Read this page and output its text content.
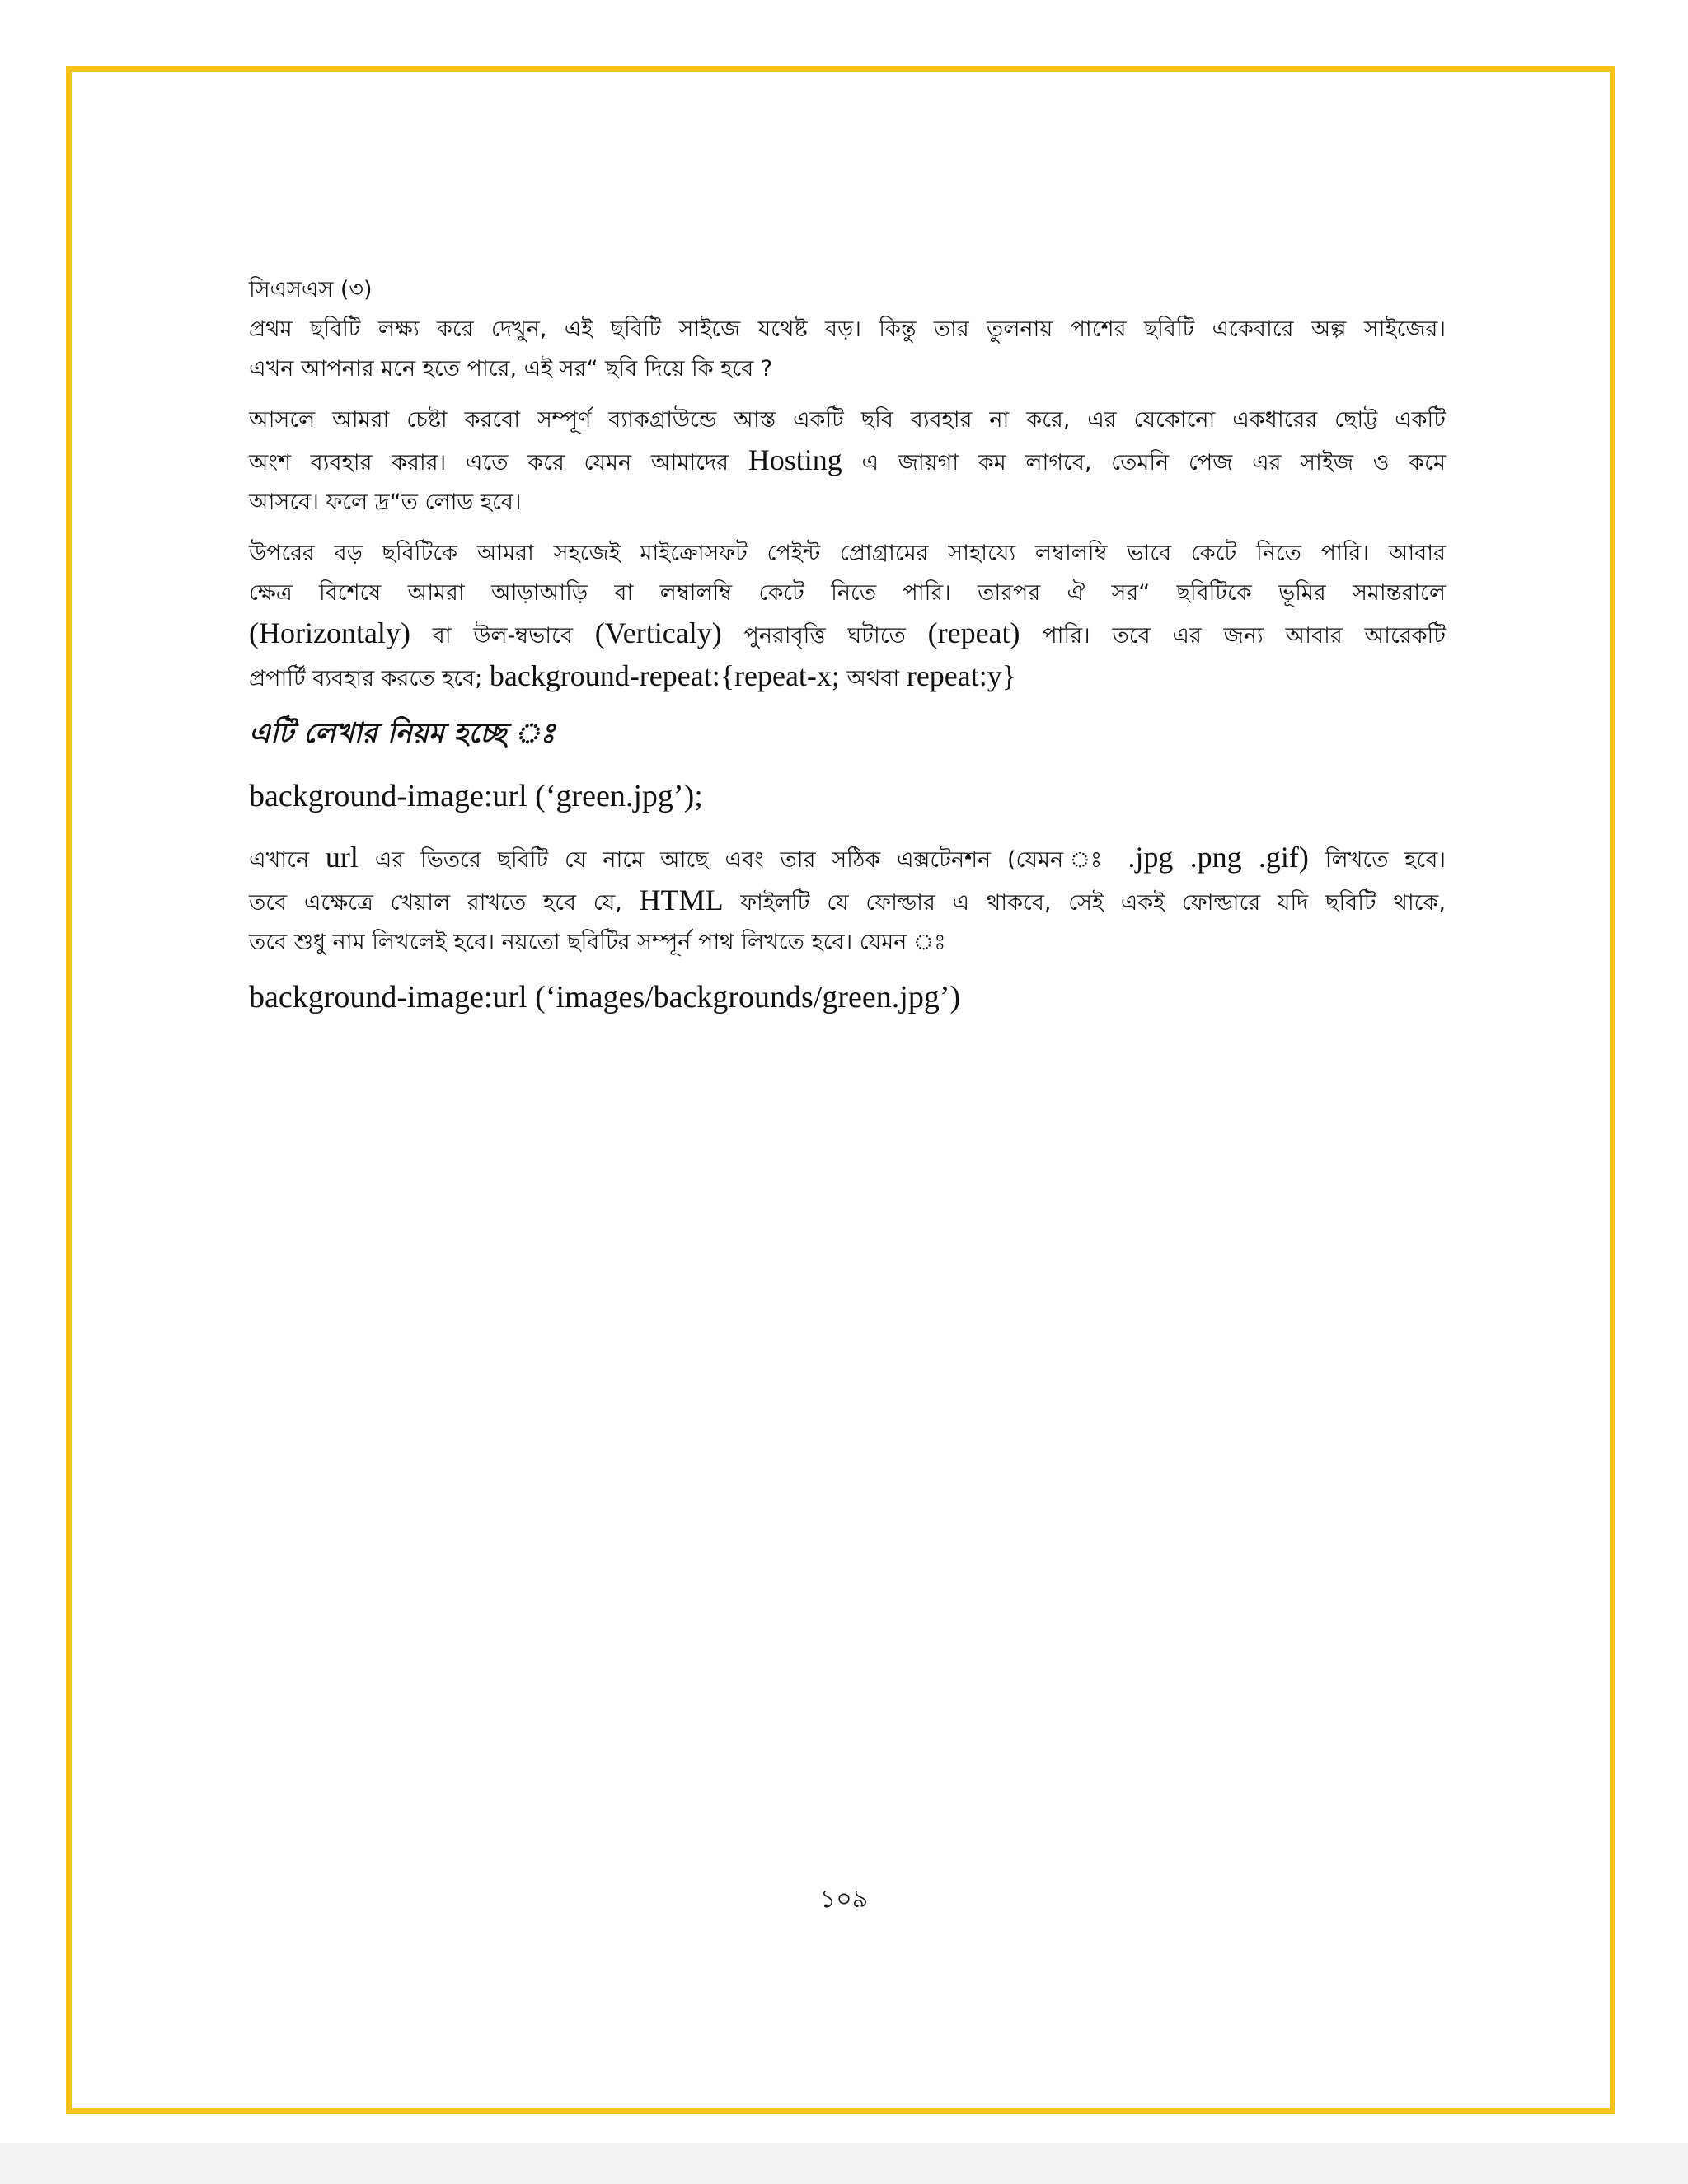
সিএসএস (৩)
প্রথম ছবিটি লক্ষ্য করে দেখুন, এই ছবিটি সাইজে যথেষ্ট বড়। কিন্তু তার তুলনায় পাশের ছবিটি একেবারে অল্প সাইজের।
এখন আপনার মনে হতে পারে, এই সর“ ছবি দিয়ে কি হবে ?
আসলে আমরা চেষ্টা করবো সম্পূর্ণ ব্যাকগ্রাউন্ডে আস্ত একটি ছবি ব্যবহার না করে, এর যেকোনো একধারের ছোট্ট একটি
অংশ ব্যবহার করার। এতে করে যেমন আমাদের Hosting এ জায়গা কম লাগবে, তেমনি পেজ এর সাইজ ও কমে
আসবে। ফলে দ্র“ত লোড হবে।
উপরের বড় ছবিটিকে আমরা সহজেই মাইক্রোসফট পেইন্ট প্রোগ্রামের সাহায্যে লম্বালম্বি ভাবে কেটে নিতে পারি। আবার
ক্ষেত্র বিশেষে আমরা আড়াআড়ি বা লম্বালম্বি কেটে নিতে পারি। তারপর ঐ সর“ ছবিটিকে ভূমির সমান্তরালে
(Horizontaly) বা উল-ম্বভাবে (Verticaly) পুনরাবৃত্তি ঘটাতে (repeat) পারি। তবে এর জন্য আবার আরেকটি
প্রপার্টি ব্যবহার করতে হবে; background-repeat:{repeat-x; অথবা repeat:y}
এটি লেখার নিয়ম হচ্ছে ঃ
background-image:url (‘green.jpg’);
এখানে url এর ভিতরে ছবিটি যে নামে আছে এবং তার সঠিক এক্সটেনশন (যেমন ঃ .jpg .png .gif) লিখতে হবে।
তবে এক্ষেত্রে খেয়াল রাখতে হবে যে, HTML ফাইলটি যে ফোল্ডার এ থাকবে, সেই একই ফোল্ডারে যদি ছবিটি থাকে,
তবে শুধু নাম লিখলেই হবে। নয়তো ছবিটির সম্পূর্ন পাথ লিখতে হবে। যেমন ঃ
background-image:url (‘images/backgrounds/green.jpg’)
১০৯
